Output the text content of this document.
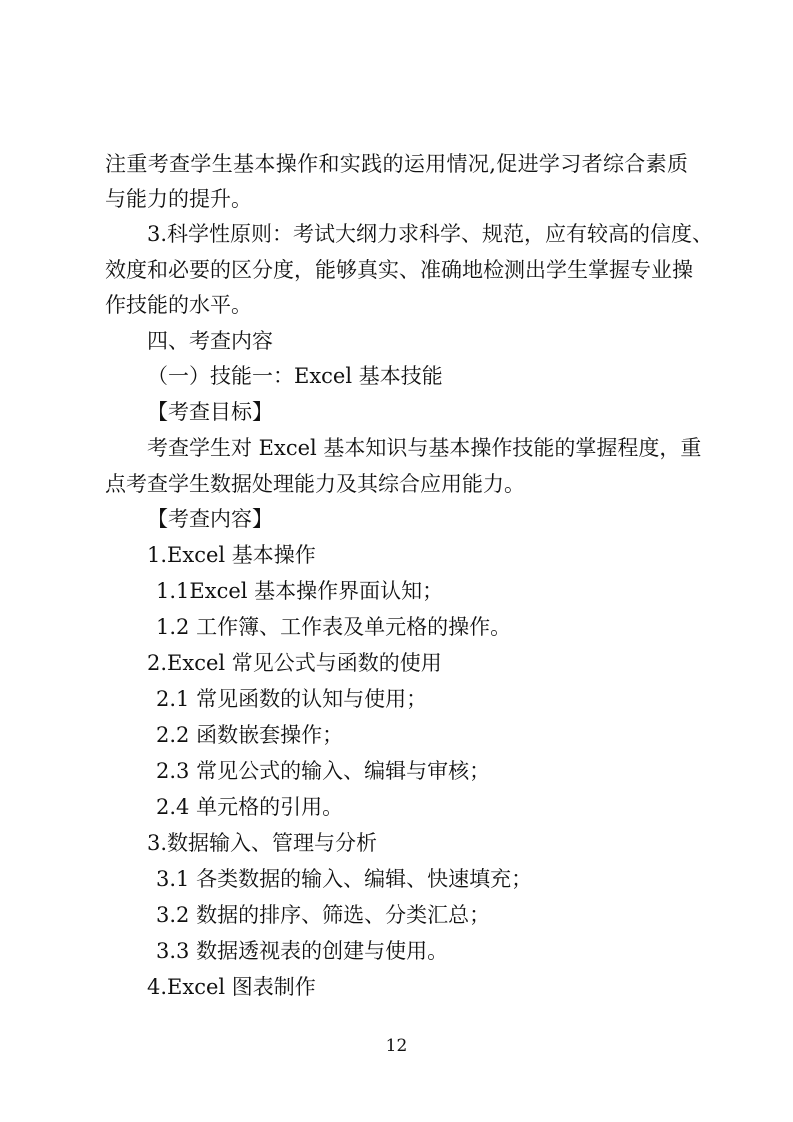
注重考查学生基本操作和实践的运用情况,促进学习者综合素质
与能力的提升。
3.科学性原则：考试大纲力求科学、规范，应有较高的信度、
效度和必要的区分度，能够真实、准确地检测出学生掌握专业操
作技能的水平。
四、考查内容
（一）技能一：Excel 基本技能
【考查目标】
考查学生对 Excel 基本知识与基本操作技能的掌握程度，重
点考查学生数据处理能力及其综合应用能力。
【考查内容】
1.Excel 基本操作
1.1Excel 基本操作界面认知；
1.2 工作簿、工作表及单元格的操作。
2.Excel 常见公式与函数的使用
2.1 常见函数的认知与使用；
2.2 函数嵌套操作；
2.3 常见公式的输入、编辑与审核；
2.4 单元格的引用。
3.数据输入、管理与分析
3.1 各类数据的输入、编辑、快速填充；
3.2 数据的排序、筛选、分类汇总；
3.3 数据透视表的创建与使用。
4.Excel 图表制作
12
